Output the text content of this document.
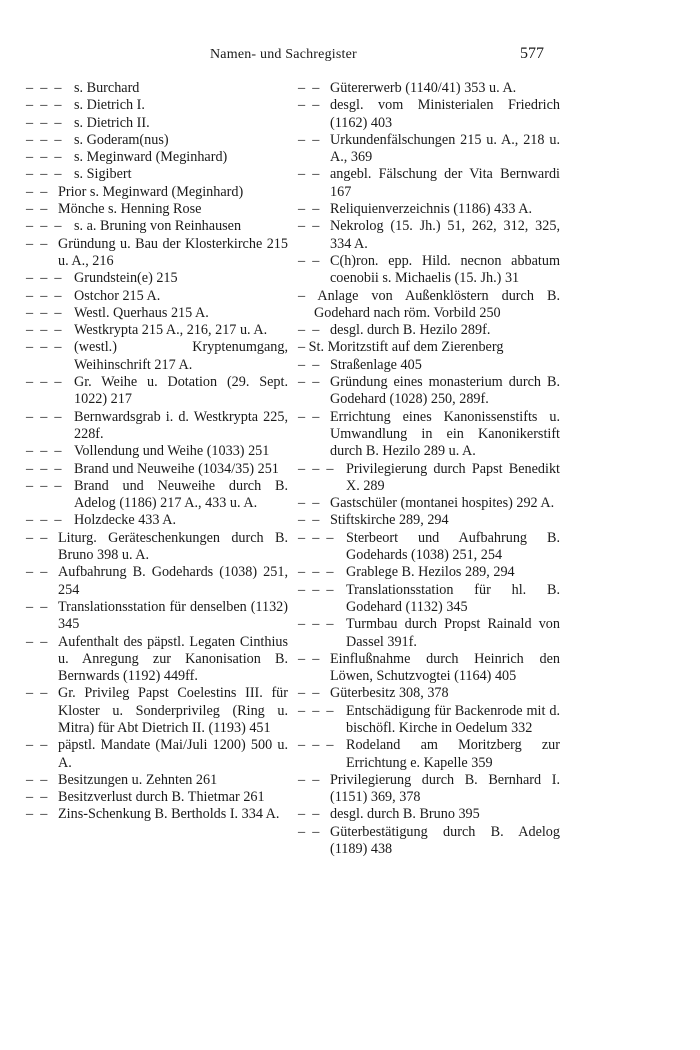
Namen- und Sachregister	577
–  –  – s. Burchard
–  –  – s. Dietrich I.
–  –  – s. Dietrich II.
–  –  – s. Goderam(nus)
–  –  – s. Meginward (Meginhard)
–  –  – s. Sigibert
–  – Prior s. Meginward (Meginhard)
–  – Mönche s. Henning Rose
–  –  – s. a. Bruning von Reinhausen
–  – Gründung u. Bau der Klosterkirche 215 u. A., 216
–  –  – Grundstein(e) 215
–  –  – Ostchor 215 A.
–  –  – Westl. Querhaus 215 A.
–  –  – Westkrypta 215 A., 216, 217 u. A.
–  –  – (westl.) Kryptenumgang, Weihinschrift 217 A.
–  –  – Gr. Weihe u. Dotation (29. Sept. 1022) 217
–  –  – Bernwardsgrab i. d. Westkrypta 225, 228f.
–  –  – Vollendung und Weihe (1033) 251
–  –  – Brand und Neuweihe (1034/35) 251
–  –  – Brand und Neuweihe durch B. Adelog (1186) 217 A., 433 u. A.
–  –  – Holzdecke 433 A.
–  – Liturg. Geräteschenkungen durch B. Bruno 398 u. A.
–  – Aufbahrung B. Godehards (1038) 251, 254
–  – Translationsstation für denselben (1132) 345
–  – Aufenthalt des päpstl. Legaten Cinthius u. Anregung zur Kanonisation B. Bernwards (1192) 449ff.
–  – Gr. Privileg Papst Coelestins III. für Kloster u. Sonderprivileg (Ring u. Mitra) für Abt Dietrich II. (1193) 451
–  – päpstl. Mandate (Mai/Juli 1200) 500 u. A.
–  – Besitzungen u. Zehnten 261
–  – Besitzverlust durch B. Thietmar 261
–  – Zins-Schenkung B. Bertholds I. 334 A.
–  – Gütererwerb (1140/41) 353 u. A.
–  – desgl. vom Ministerialen Friedrich (1162) 403
–  – Urkundenfälschungen 215 u. A., 218 u. A., 369
–  – angebl. Fälschung der Vita Bernwardi 167
–  – Reliquienverzeichnis (1186) 433 A.
–  – Nekrolog (15. Jh.) 51, 262, 312, 325, 334 A.
–  – C(h)ron. epp. Hild. necnon abbatum coenobii s. Michaelis (15. Jh.) 31
– Anlage von Außenklöstern durch B. Godehard nach röm. Vorbild 250
–  – desgl. durch B. Hezilo 289f.
– St. Moritzstift auf dem Zierenberg
–  – Straßenlage 405
–  – Gründung eines monasterium durch B. Godehard (1028) 250, 289f.
–  – Errichtung eines Kanonissenstifts u. Umwandlung in ein Kanonikerstift durch B. Hezilo 289 u. A.
–  –  – Privilegierung durch Papst Benedikt X. 289
–  – Gastschüler (montanei hospites) 292 A.
–  – Stiftskirche 289, 294
–  –  – Sterbeort und Aufbahrung B. Godehards (1038) 251, 254
–  –  – Grablege B. Hezilos 289, 294
–  –  – Translationsstation für hl. B. Godehard (1132) 345
–  –  – Turmbau durch Propst Rainald von Dassel 391f.
–  – Einflußnahme durch Heinrich den Löwen, Schutzvogtei (1164) 405
–  – Güterbesitz 308, 378
–  –  – Entschädigung für Backenrode mit d. bischöfl. Kirche in Oedelum 332
–  –  – Rodeland am Moritzberg zur Errichtung e. Kapelle 359
–  – Privilegierung durch B. Bernhard I. (1151) 369, 378
–  – desgl. durch B. Bruno 395
–  – Güterbestätigung durch B. Adelog (1189) 438
